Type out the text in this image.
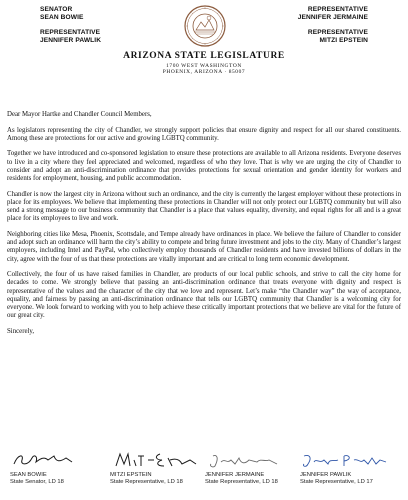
SENATOR
SEAN BOWIE
REPRESENTATIVE
JENNIFER PAWLIK
REPRESENTATIVE
JENNIFER JERMAINE
REPRESENTATIVE
MITZI EPSTEIN
ARIZONA STATE LEGISLATURE
1700 WEST WASHINGTON
PHOENIX, ARIZONA · 85007

Dear Mayor Hartke and Chandler Council Members,

As legislators representing the city of Chandler, we strongly support policies that ensure dignity and respect for all our shared constituents. Among these are protections for our active and growing LGBTQ community.

Together we have introduced and co-sponsored legislation to ensure these protections are available to all Arizona residents. Everyone deserves to live in a city where they feel appreciated and welcomed, regardless of who they love. That is why we are urging the city of Chandler to consider and adopt an anti-discrimination ordinance that provides protections for sexual orientation and gender identity for workers and residents for employment, housing, and public accommodation.

Chandler is now the largest city in Arizona without such an ordinance, and the city is currently the largest employer without these protections in place for its employees. We believe that implementing these protections in Chandler will not only protect our LGBTQ community but will also send a strong message to our business community that Chandler is a place that values equality, diversity, and equal rights for all and is a great place for its employees to live and work.

Neighboring cities like Mesa, Phoenix, Scottsdale, and Tempe already have ordinances in place. We believe the failure of Chandler to consider and adopt such an ordinance will harm the city’s ability to compete and bring future investment and jobs to the city. Many of Chandler’s largest employers, including Intel and PayPal, who collectively employ thousands of Chandler residents and have invested billions of dollars in the city, agree with the four of us that these protections are vitally important and are critical to long term economic development.

Collectively, the four of us have raised families in Chandler, are products of our local public schools, and strive to call the city home for decades to come. We strongly believe that passing an anti-discrimination ordinance that treats everyone with dignity and respect is representative of the values and the character of the city that we love and represent. Let’s make “the Chandler way” the way of acceptance, equality, and fairness by passing an anti-discrimination ordinance that tells our LGBTQ community that Chandler is a welcoming city for everyone. We look forward to working with you to help achieve these critically important protections that we believe are vital for the future of our great city.

Sincerely,

SEAN BOWIE
State Senator, LD 18
MITZI EPSTEIN
State Representative, LD 18
JENNIFER JERMAINE
State Representative, LD 18
JENNIFER PAWLIK
State Representative, LD 17
